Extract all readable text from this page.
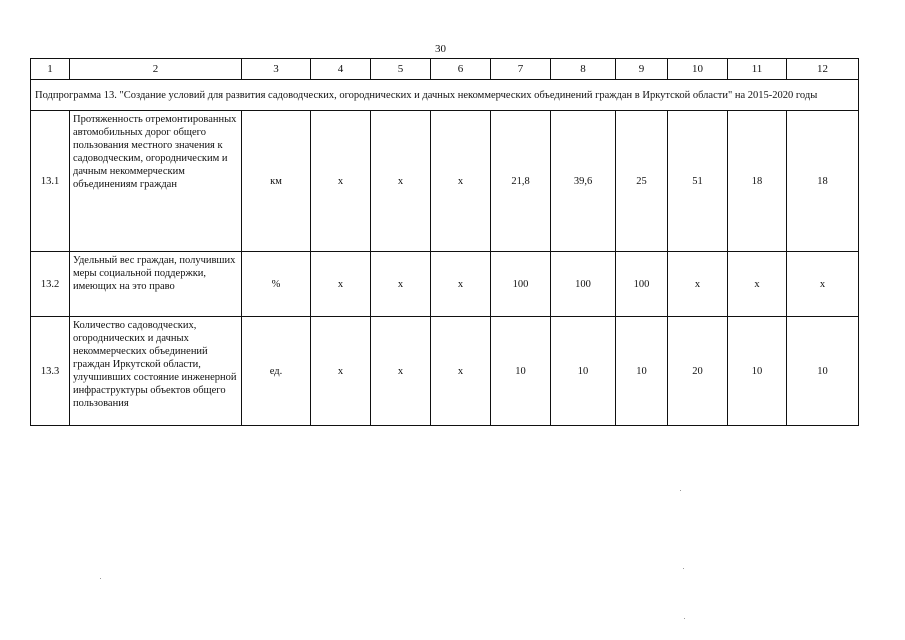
30
1	2	3	4	5	6	7	8	9	10	11	12
Подпрограмма 13. "Создание условий для развития садоводческих, огороднических и дачных некоммерческих объединений граждан в Иркутской области" на 2015-2020 годы											
13.1	Протяженность отремонтированных автомобильных дорог общего пользования местного значения к садоводческим, огородническим и дачным некоммерческим объединениям граждан	км	х	х	х	21,8	39,6	25	51	18	18
13.2	Удельный вес граждан, получивших меры социальной поддержки, имеющих на это право	%	х	х	х	100	100	100	х	х	х
13.3	Количество садоводческих, огороднических и дачных некоммерческих объединений граждан Иркутской области, улучшивших состояние инженерной инфраструктуры объектов общего пользования	ед.	х	х	х	10	10	10	20	10	10
